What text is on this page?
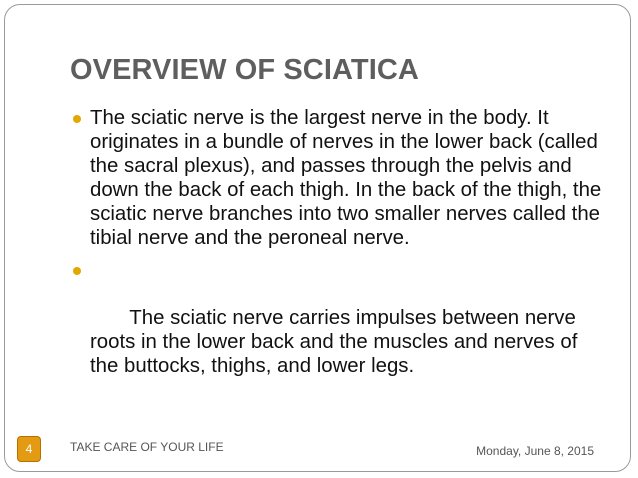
OVERVIEW OF SCIATICA
The sciatic nerve is the largest nerve in the body. It originates in a bundle of nerves in the lower back (called the sacral plexus), and passes through the pelvis and down the back of each thigh. In the back of the thigh, the sciatic nerve branches into two smaller nerves called the tibial nerve and the peroneal nerve.

The sciatic nerve carries impulses between nerve roots in the lower back and the muscles and nerves of the buttocks, thighs, and lower legs.

4	TAKE CARE OF YOUR LIFE	Monday, June 8, 2015
